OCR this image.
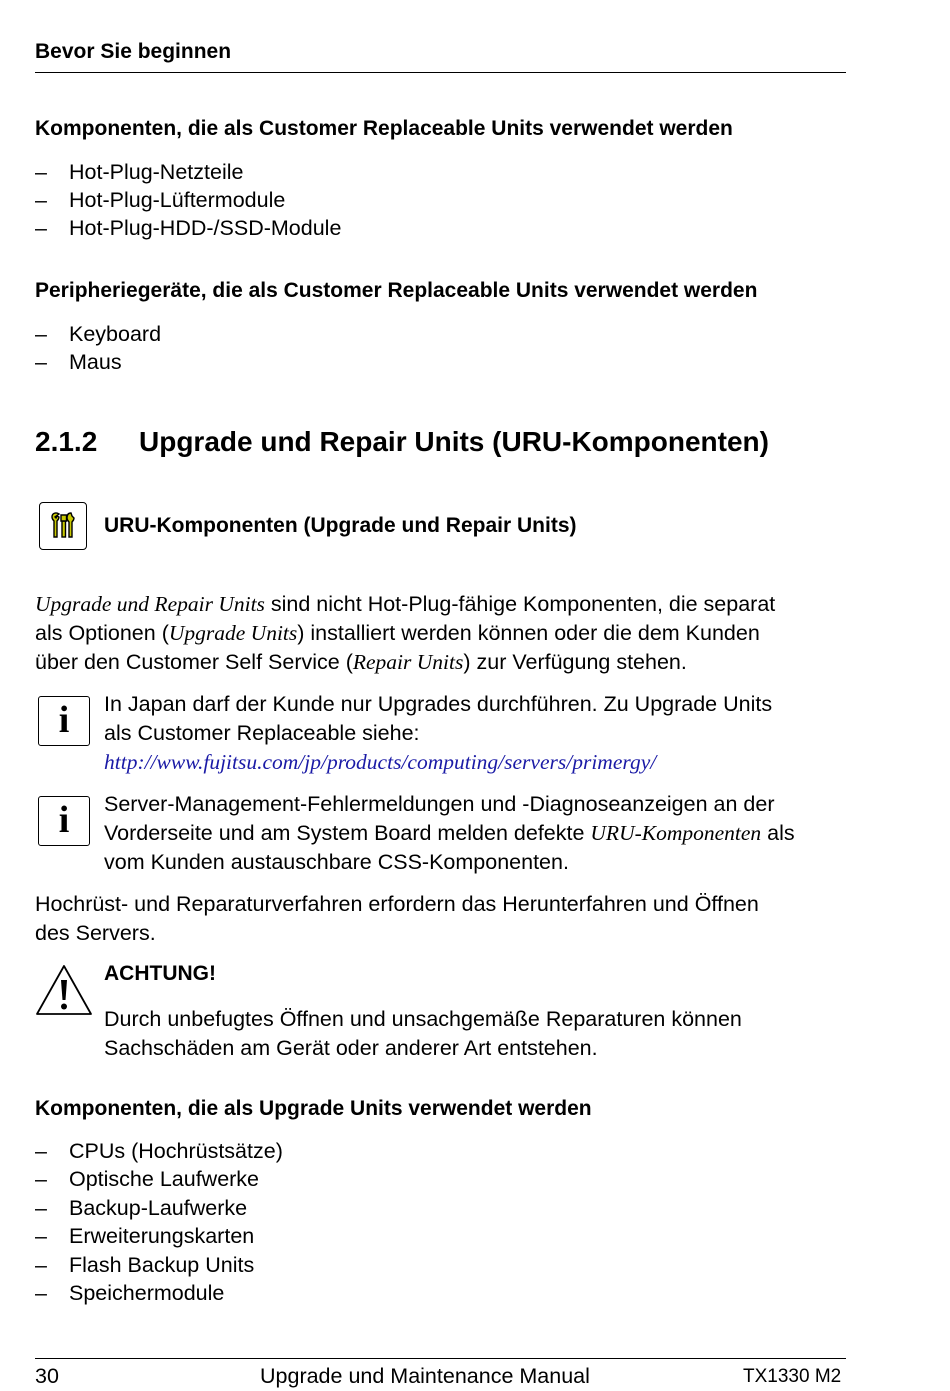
Bevor Sie beginnen
Komponenten, die als Customer Replaceable Units verwendet werden
– Hot-Plug-Netzteile
– Hot-Plug-Lüftermodule
– Hot-Plug-HDD-/SSD-Module
Peripheriegeräte, die als Customer Replaceable Units verwendet werden
– Keyboard
– Maus
2.1.2 Upgrade und Repair Units (URU-Komponenten)
URU-Komponenten (Upgrade und Repair Units)
Upgrade und Repair Units sind nicht Hot-Plug-fähige Komponenten, die separat
als Optionen (Upgrade Units) installiert werden können oder die dem Kunden
über den Customer Self Service (Repair Units) zur Verfügung stehen.
i	In Japan darf der Kunde nur Upgrades durchführen. Zu Upgrade Units
als Customer Replaceable siehe:
http://www.fujitsu.com/jp/products/computing/servers/primergy/
i	Server-Management-Fehlermeldungen und -Diagnoseanzeigen an der
Vorderseite und am System Board melden defekte URU-Komponenten als
vom Kunden austauschbare CSS-Komponenten.
Hochrüst- und Reparaturverfahren erfordern das Herunterfahren und Öffnen
des Servers.
ACHTUNG!
Durch unbefugtes Öffnen und unsachgemäße Reparaturen können
Sachschäden am Gerät oder anderer Art entstehen.
Komponenten, die als Upgrade Units verwendet werden
– CPUs (Hochrüstsätze)
– Optische Laufwerke
– Backup-Laufwerke
– Erweiterungskarten
– Flash Backup Units
– Speichermodule
30	Upgrade und Maintenance Manual	TX1330 M2
